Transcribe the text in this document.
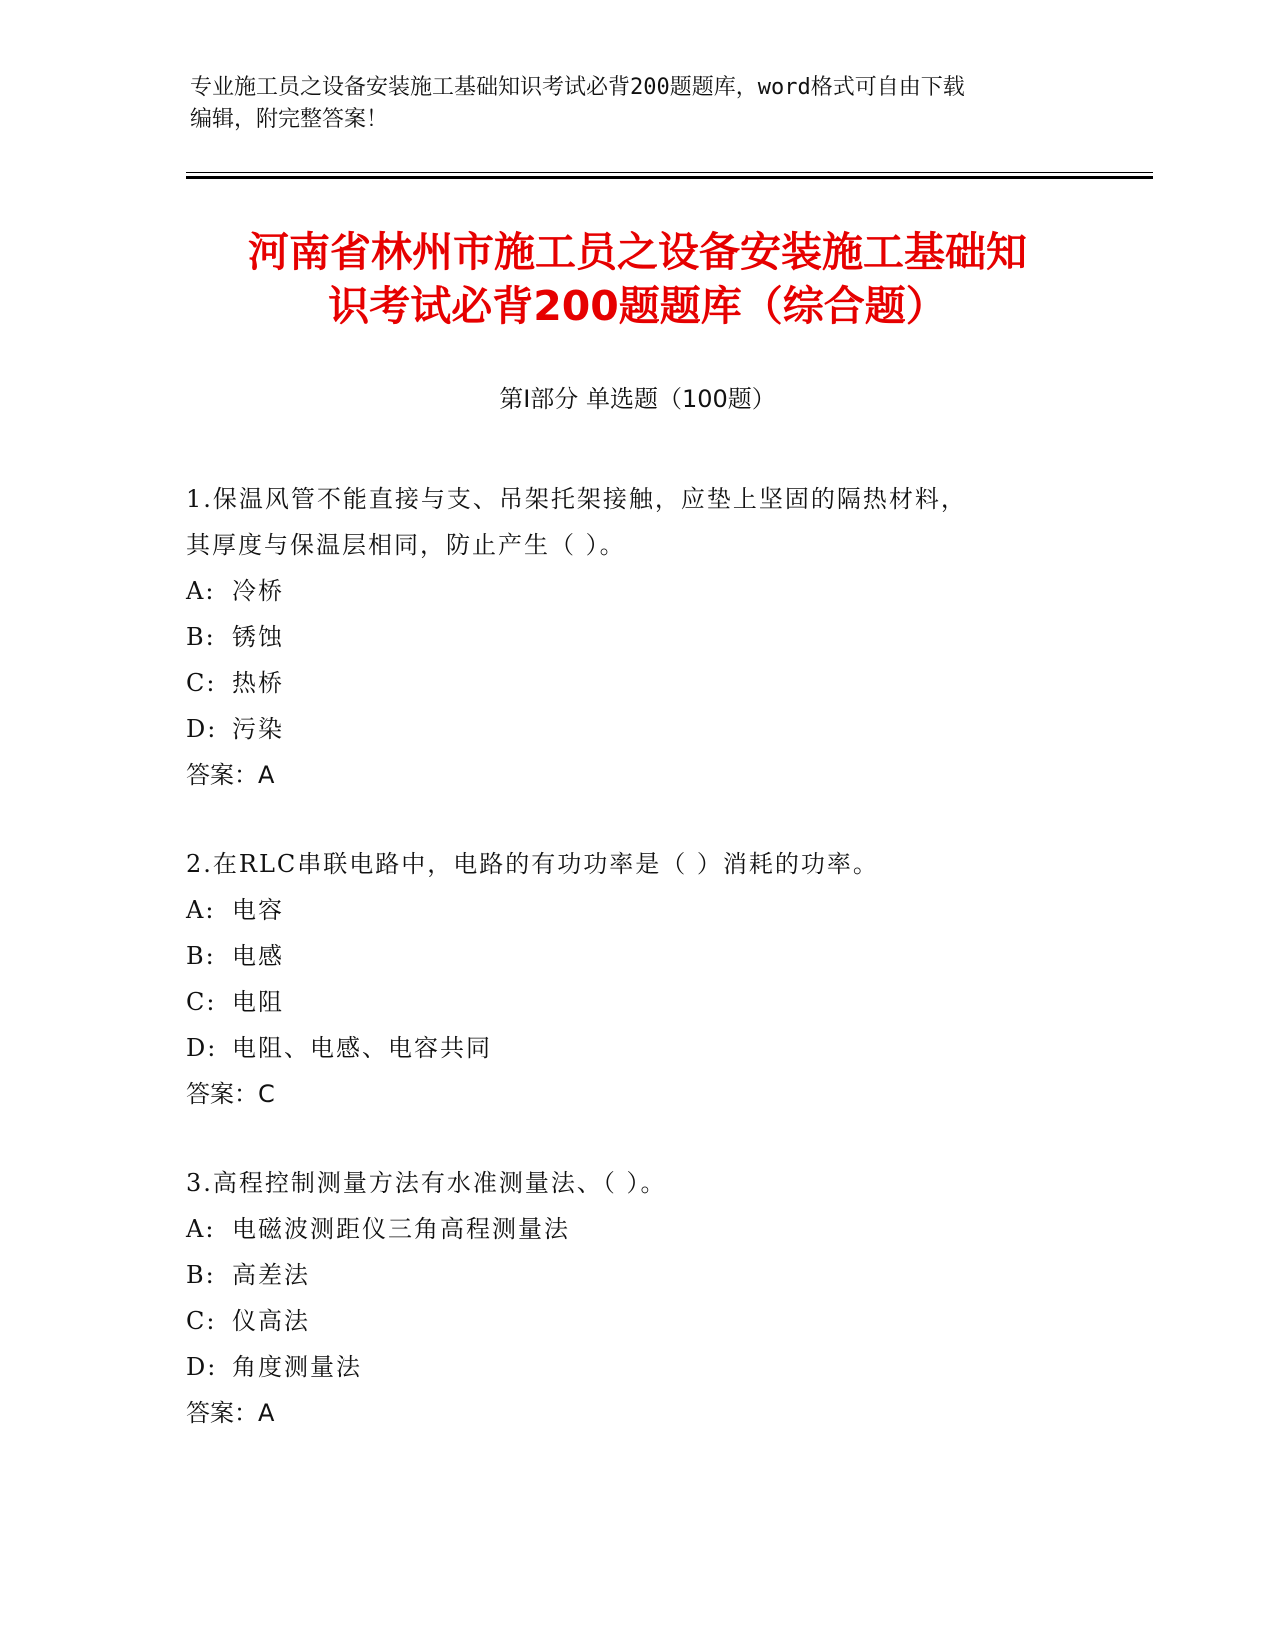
专业施工员之设备安装施工基础知识考试必背200题题库，word格式可自由下载
编辑，附完整答案！
河南省林州市施工员之设备安装施工基础知
识考试必背200题题库（综合题）
第Ⅰ部分 单选题（100题）
1.保温风管不能直接与支、吊架托架接触，应垫上坚固的隔热材料，
其厚度与保温层相同，防止产生（ ）。
A: 冷桥
B: 锈蚀
C: 热桥
D: 污染
答案：A
2.在RLC串联电路中，电路的有功功率是（ ）消耗的功率。
A: 电容
B: 电感
C: 电阻
D: 电阻、电感、电容共同
答案：C
3.高程控制测量方法有水准测量法、（ ）。
A: 电磁波测距仪三角高程测量法
B: 高差法
C: 仪高法
D: 角度测量法
答案：A
